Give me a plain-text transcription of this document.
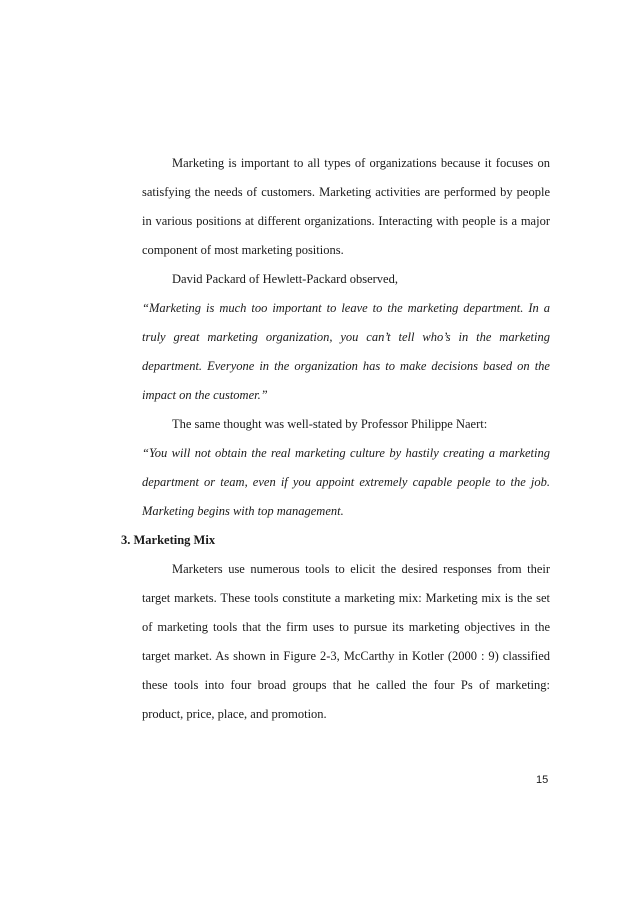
Marketing is important to all types of organizations because it focuses on
satisfying the needs of customers. Marketing activities are performed by people
in various positions at different organizations. Interacting with people is a major
component of most marketing positions.
David Packard of Hewlett-Packard observed,
“Marketing is much too important to leave to the marketing department. In a
truly great marketing organization, you can’t tell who’s in the marketing
department. Everyone in the organization has to make decisions based on the
impact on the customer.”
The same thought was well-stated by Professor Philippe Naert:
“You will not obtain the real marketing culture by hastily creating a marketing
department or team, even if you appoint extremely capable people to the job.
Marketing begins with top management.
3. Marketing Mix
Marketers use numerous tools to elicit the desired responses from their
target markets. These tools constitute a marketing mix: Marketing mix is the set
of marketing tools that the firm uses to pursue its marketing objectives in the
target market. As shown in Figure 2-3, McCarthy in Kotler (2000 : 9) classified
these tools into four broad groups that he called the four Ps of marketing:
product, price, place, and promotion.
15
